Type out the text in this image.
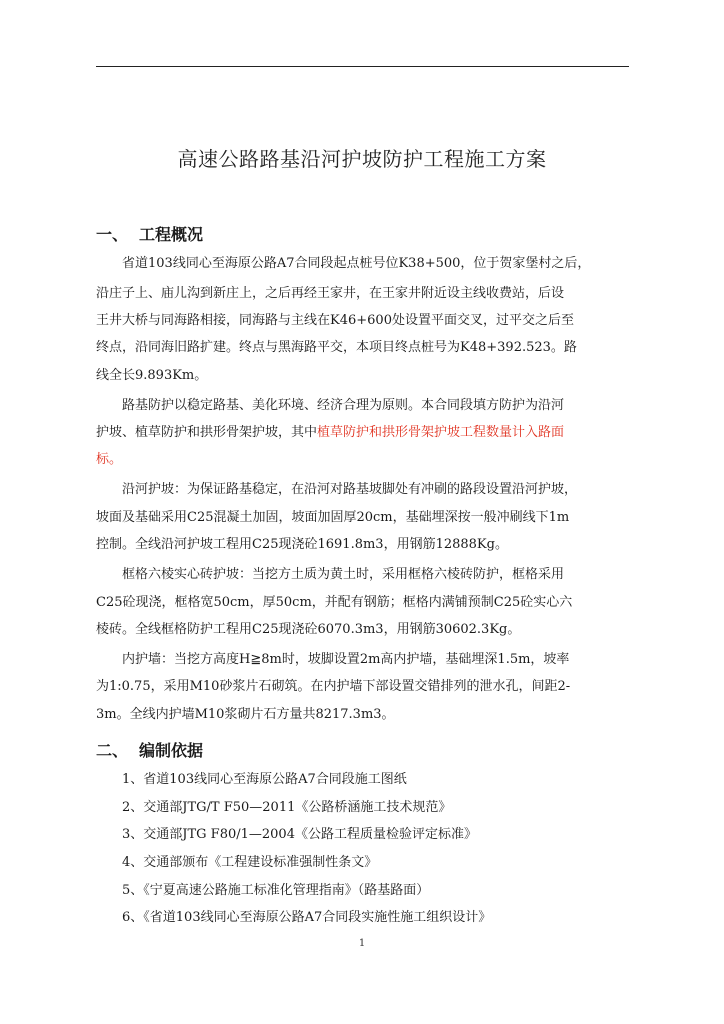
高速公路路基沿河护坡防护工程施工方案
一、 工程概况
省道103线同心至海原公路A7合同段起点桩号位K38+500，位于贺家堡村之后，
沿庄子上、庙儿沟到新庄上，之后再经王家井，在王家井附近设主线收费站，后设
王井大桥与同海路相接，同海路与主线在K46+600处设置平面交叉，过平交之后至
终点，沿同海旧路扩建。终点与黑海路平交，本项目终点桩号为K48+392.523。路
线全长9.893Km。
路基防护以稳定路基、美化环境、经济合理为原则。本合同段填方防护为沿河
护坡、植草防护和拱形骨架护坡，其中植草防护和拱形骨架护坡工程数量计入路面
标。
沿河护坡：为保证路基稳定，在沿河对路基坡脚处有冲刷的路段设置沿河护坡，
坡面及基础采用C25混凝土加固，坡面加固厚20cm，基础埋深按一般冲刷线下1m
控制。全线沿河护坡工程用C25现浇砼1691.8m3，用钢筋12888Kg。
框格六棱实心砖护坡：当挖方土质为黄土时，采用框格六棱砖防护，框格采用
C25砼现浇，框格宽50cm，厚50cm，并配有钢筋；框格内满铺预制C25砼实心六
棱砖。全线框格防护工程用C25现浇砼6070.3m3，用钢筋30602.3Kg。
内护墙：当挖方高度H≧8m时，坡脚设置2m高内护墙，基础埋深1.5m，坡率
为1:0.75，采用M10砂浆片石砌筑。在内护墙下部设置交错排列的泄水孔，间距2-
3m。全线内护墙M10浆砌片石方量共8217.3m3。
二、 编制依据
1、省道103线同心至海原公路A7合同段施工图纸
2、交通部JTG/T F50—2011《公路桥涵施工技术规范》
3、交通部JTG F80/1—2004《公路工程质量检验评定标准》
4、交通部颁布《工程建设标准强制性条文》
5、《宁夏高速公路施工标准化管理指南》（路基路面）
6、《省道103线同心至海原公路A7合同段实施性施工组织设计》
1
